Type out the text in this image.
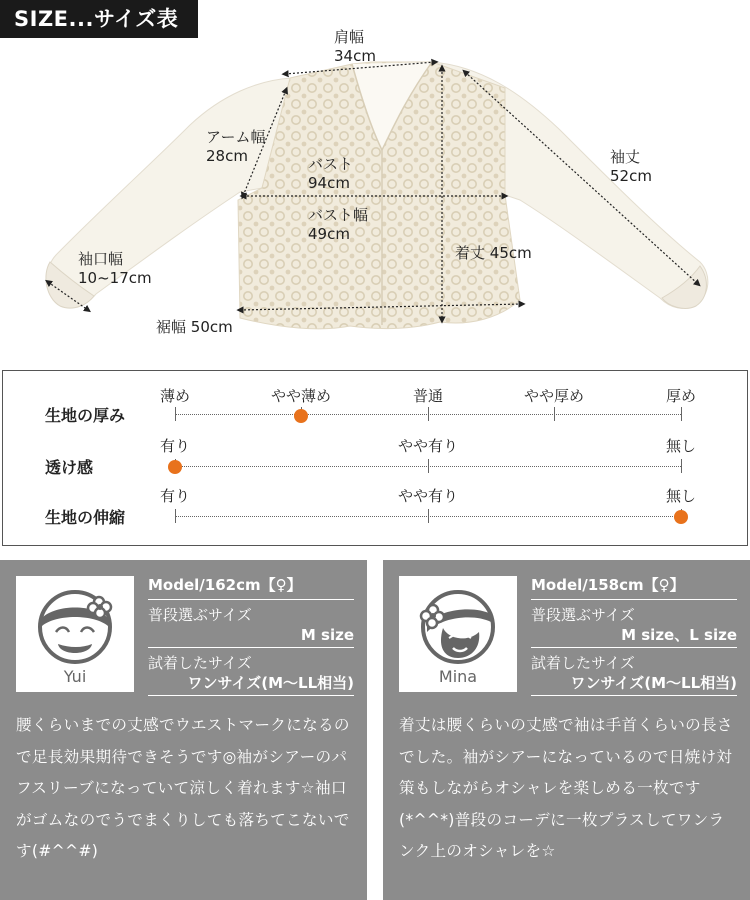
SIZE...サイズ表
肩幅
34cm
アーム幅
28cm	バスト
94cm
バスト幅
49cm
袖丈
52cm
袖口幅
10~17cm
着丈 45cm
裾幅 50cm
生地の厚み
薄め	やや薄め	普通	やや厚め	厚め
透け感
有り	やや有り	無し
生地の伸縮
有り	やや有り	無し
Yui
Model/162cm【♀】
普段選ぶサイズ
M size
試着したサイズ
ワンサイズ(M〜LL相当)
腰くらいまでの丈感でウエストマークになるので足長効果期待できそうです◎袖がシアーのパフスリーブになっていて涼しく着れます☆袖口がゴムなのでうでまくりしても落ちてこないです(#^^#)
Mina
Model/158cm【♀】
普段選ぶサイズ
M size、L size
試着したサイズ
ワンサイズ(M〜LL相当)
着丈は腰くらいの丈感で袖は手首くらいの長さでした。袖がシアーになっているので日焼け対策もしながらオシャレを楽しめる一枚です(*^^*)普段のコーデに一枚プラスしてワンランク上のオシャレを☆
